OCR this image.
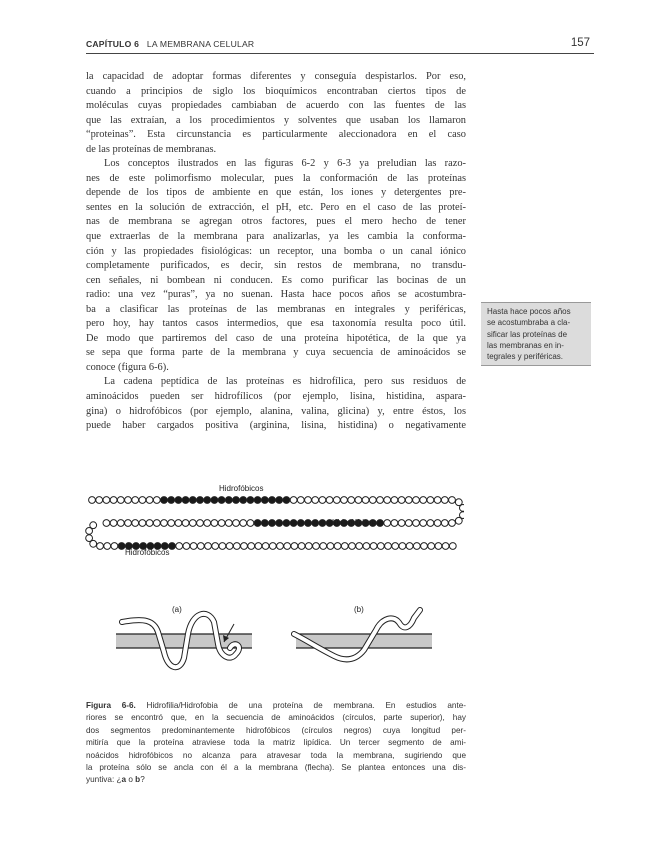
CAPÍTULO 6 LA MEMBRANA CELULAR	157

la capacidad de adoptar formas diferentes y conseguía despistarlos. Por eso,
cuando a principios de siglo los bioquímicos encontraban ciertos tipos de
moléculas cuyas propiedades cambiaban de acuerdo con las fuentes de las
que las extraían, a los procedimientos y solventes que usaban los llamaron
“proteinas”. Esta circunstancia es particularmente aleccionadora en el caso
de las proteínas de membranas.

Los conceptos ilustrados en las figuras 6-2 y 6-3 ya preludian las razo-
nes de este polimorfismo molecular, pues la conformación de las proteínas
depende de los tipos de ambiente en que están, los iones y detergentes pre-
sentes en la solución de extracción, el pH, etc. Pero en el caso de las proteí-
nas de membrana se agregan otros factores, pues el mero hecho de tener
que extraerlas de la membrana para analizarlas, ya les cambia la conforma-
ción y las propiedades fisiológicas: un receptor, una bomba o un canal iónico
completamente purificados, es decir, sin restos de membrana, no transdu-
cen señales, ni bombean ni conducen. Es como purificar las bocinas de un
radio: una vez “puras”, ya no suenan. Hasta hace pocos años se acostumbra-
ba a clasificar las proteínas de las membranas en integrales y periféricas,
pero hoy, hay tantos casos intermedios, que esa taxonomía resulta poco útil.
De modo que partiremos del caso de una proteína hipotética, de la que ya
se sepa que forma parte de la membrana y cuya secuencia de aminoácidos se
conoce (figura 6-6).

La cadena peptídica de las proteínas es hidrofílica, pero sus residuos de
aminoácidos pueden ser hidrofílicos (por ejemplo, lisina, histidina, aspara-
gina) o hidrofóbicos (por ejemplo, alanina, valina, glicina) y, entre éstos, los
puede haber cargados positiva (arginina, lisina, histidina) o negativamente

Hasta hace pocos años
se acostumbraba a cla-
sificar las proteínas de
las membranas en in-
tegrales y periféricas.
Hidrofóbicos
Hidrofóbicos
Hidrofóbicos
(a)	(b)
Figura 6-6. Hidrofilia/Hidrofobia de una proteína de membrana. En estudios ante-
riores se encontró que, en la secuencia de aminoácidos (círculos, parte superior), hay
dos segmentos predominantemente hidrofóbicos (círculos negros) cuya longitud per-
mitiría que la proteína atraviese toda la matriz lipídica. Un tercer segmento de ami-
noácidos hidrofóbicos no alcanza para atravesar toda la membrana, sugiriendo que
la proteína sólo se ancla con él a la membrana (flecha). Se plantea entonces una dis-
yuntiva: ¿a o b?
